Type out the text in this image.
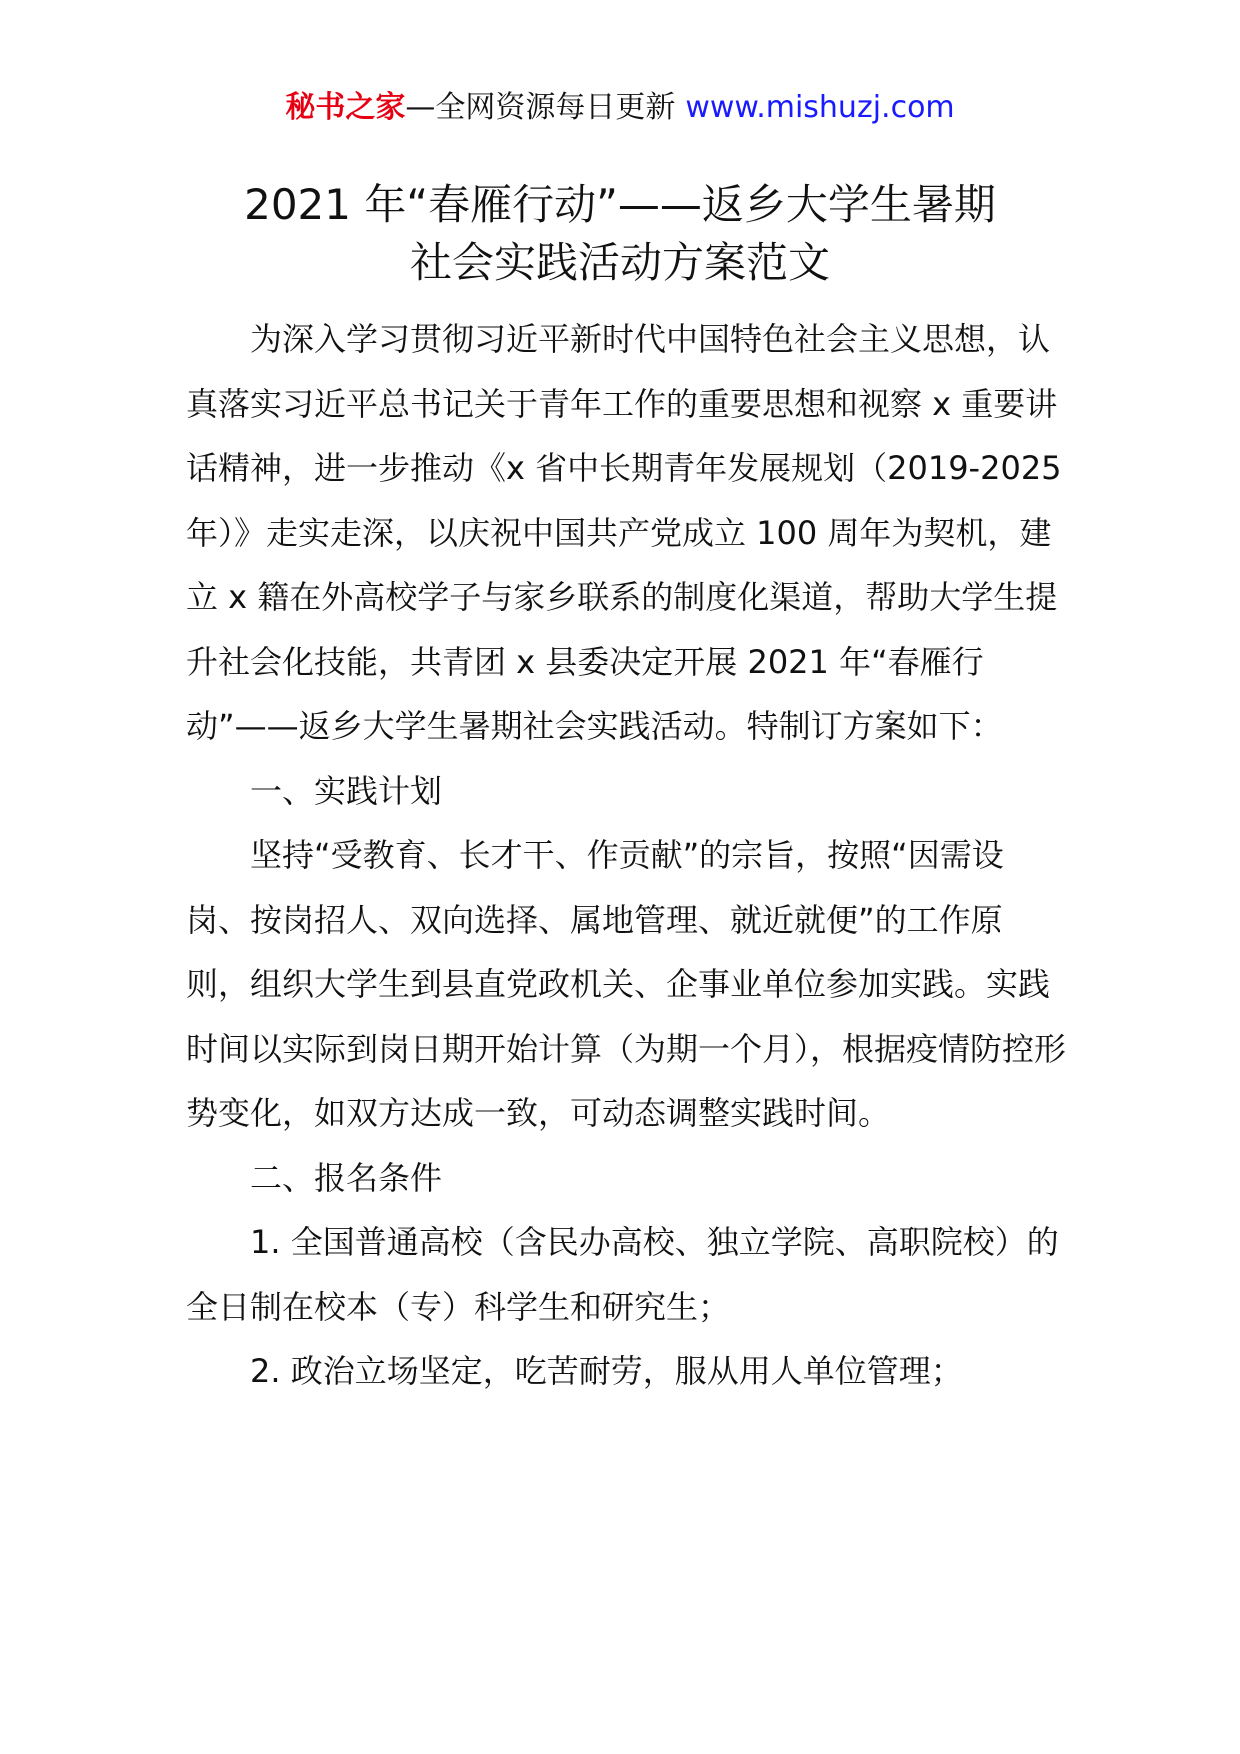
秘书之家—全网资源每日更新 www.mishuzj.com
2021 年“春雁行动”——返乡大学生暑期
社会实践活动方案范文

为深入学习贯彻习近平新时代中国特色社会主义思想，认真落实习近平总书记关于青年工作的重要思想和视察 x 重要讲话精神，进一步推动《x 省中长期青年发展规划（2019-2025 年）》走实走深，以庆祝中国共产党成立 100 周年为契机，建立 x 籍在外高校学子与家乡联系的制度化渠道，帮助大学生提升社会化技能，共青团 x 县委决定开展 2021 年“春雁行动”——返乡大学生暑期社会实践活动。特制订方案如下：

一、实践计划

坚持“受教育、长才干、作贡献”的宗旨，按照“因需设岗、按岗招人、双向选择、属地管理、就近就便”的工作原则，组织大学生到县直党政机关、企事业单位参加实践。实践时间以实际到岗日期开始计算（为期一个月），根据疫情防控形势变化，如双方达成一致，可动态调整实践时间。

二、报名条件

1. 全国普通高校（含民办高校、独立学院、高职院校）的全日制在校本（专）科学生和研究生；

2. 政治立场坚定，吃苦耐劳，服从用人单位管理；
